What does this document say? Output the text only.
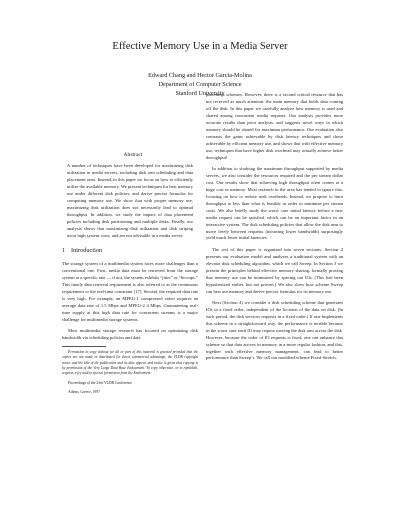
Effective Memory Use in a Media Server
Edward Chang and Hector Garcia-Molina
Department of Computer Science
Stanford University

Abstract

A number of techniques have been developed for maximizing disk utilization in media servers, including disk arm scheduling and data placement ones. Instead, in this paper we focus on how to efficiently utilize the available memory. We present techniques for best memory use under different disk policies, and derive precise formulas for computing memory use. We show that with proper memory use, maximizing disk utilization does not necessarily lead to optimal throughput. In addition, we study the impact of data placement policies including disk partitioning and multiple disks. Finally, our analysis shows that maximizing disk utilization and disk striping incur high system costs, and are not advisable in a media server.

1 Introduction

The storage system of a multimedia system faces more challenges than a conventional one. First, media data must be retrieved from the storage system at a specific rate — if not, the system exhibits “jitter” or “hiccups.” This timely data retrieval requirement is also referred to as the continuous requirement or the real-time constraint [17]. Second, the required data rate is very high. For example, an MPEG-1 compressed video requires an average data rate of 1.5 Mbps and MPEG-2 4 Mbps. Guaranteeing real-time supply at this high data rate for concurrent streams is a major challenge for multimedia storage systems.

Most multimedia storage research has focused on optimizing disk bandwidth via scheduling policies and data

Permission to copy without fee all or part of this material is granted provided that the copies are not made or distributed for direct commercial advantage, the VLDB copyright notice and the title of the publication and its date appear, and notice is given that copying is by permission of the Very Large Data Base Endowment. To copy otherwise, or to republish, requires a fee and/or special permission from the Endowment.

Proceedings of the 23rd VLDB Conference

Athens, Greece, 1997

placement schemes. However, there is a second critical resource that has not received as much attention: the main memory that holds data coming off the disk. In this paper we carefully analyze how memory is used and shared among concurrent media requests. Our analysis provides more accurate results than prior analysis, and suggests novel ways in which memory should be shared for maximum performance. Our evaluation also contrasts the gains achievable by disk latency techniques and those achievable by efficient memory use, and shows that with effective memory use, techniques that have higher disk overhead may actually achieve better throughput!

In addition to studying the maximum throughput supported by media servers, we also consider the resources required and the per stream dollar cost. Our results show that achieving high throughput often comes at a huge cost in memory. Most research in the area has tended to ignore this, focusing on how to reduce seek overheads. Instead, we propose to limit throughput to less than what is feasible in order to minimize per stream costs. We also briefly study the worst case initial latency before a new media request can be satisfied, which can be an important factor in an interactive system. The disk scheduling policies that allow the disk arm to move freely between requests (incurring lower bandwidth) surprisingly yield much lower initial latencies.

The rest of this paper is organized into seven sections. Section 2 presents our evaluation model and analyzes a traditional system with an elevator disk scheduling algorithm, which we call Sweep. In Section 3 we present the principles behind effective memory sharing, formally proving that memory use can be minimized by spacing out IOs. (This had been hypothesized earlier, but not proven.) We also show how scheme Sweep can best use memory and derive precise formulas for its memory use.

Next (Section 4) we consider a disk scheduling scheme that generates IOs in a fixed order, independent of the location of the data on disk. (In each period, the disk services requests in a fixed order.) If one implements this scheme in a straightforward way, the performance is terrible because in the worst case each IO may require moving the disk arm across the disk. However, because the order of IO requests is fixed, one can enhance this scheme so that data arrives in memory in a more regular fashion, and this, together with effective memory management, can lead to better performance than Sweep’s. We call our modified scheme Fixed-Stretch,
